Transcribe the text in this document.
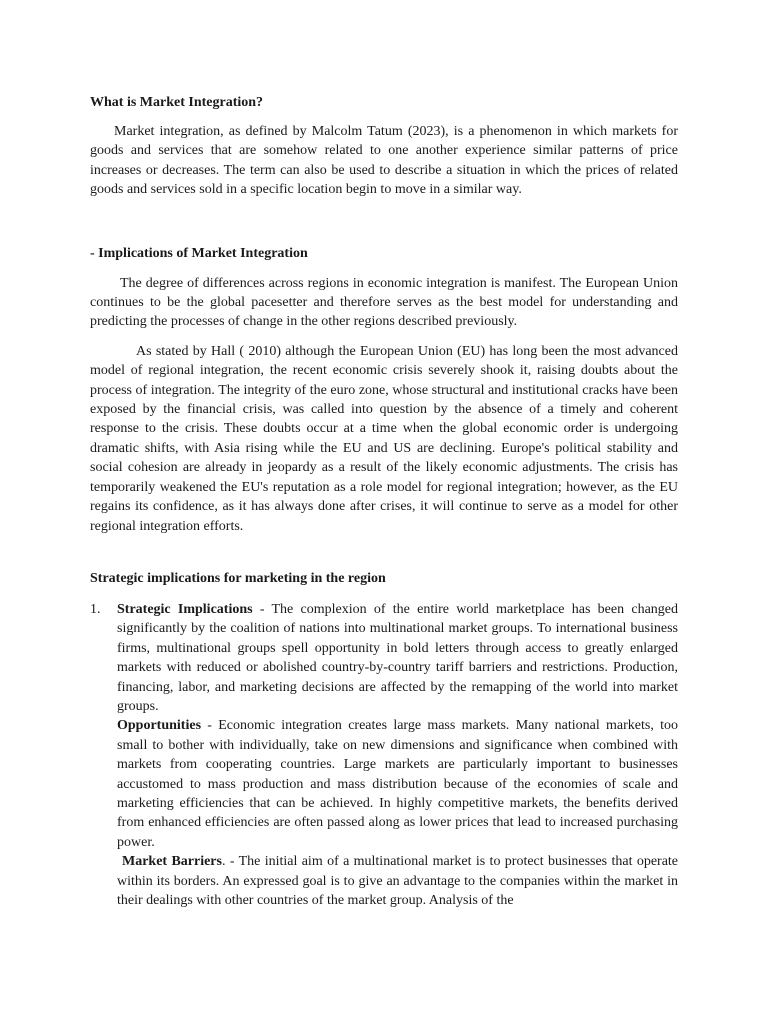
What is Market Integration?

Market integration, as defined by Malcolm Tatum (2023), is a phenomenon in which markets for goods and services that are somehow related to one another experience similar patterns of price increases or decreases. The term can also be used to describe a situation in which the prices of related goods and services sold in a specific location begin to move in a similar way.

- Implications of Market Integration

The degree of differences across regions in economic integration is manifest. The European Union continues to be the global pacesetter and therefore serves as the best model for understanding and predicting the processes of change in the other regions described previously.

As stated by Hall ( 2010) although the European Union (EU) has long been the most advanced model of regional integration, the recent economic crisis severely shook it, raising doubts about the process of integration. The integrity of the euro zone, whose structural and institutional cracks have been exposed by the financial crisis, was called into question by the absence of a timely and coherent response to the crisis. These doubts occur at a time when the global economic order is undergoing dramatic shifts, with Asia rising while the EU and US are declining. Europe's political stability and social cohesion are already in jeopardy as a result of the likely economic adjustments. The crisis has temporarily weakened the EU's reputation as a role model for regional integration; however, as the EU regains its confidence, as it has always done after crises, it will continue to serve as a model for other regional integration efforts.

Strategic implications for marketing in the region
1.	Strategic Implications - The complexion of the entire world marketplace has been changed significantly by the coalition of nations into multinational market groups. To international business firms, multinational groups spell opportunity in bold letters through access to greatly enlarged markets with reduced or abolished country-by-country tariff barriers and restrictions. Production, financing, labor, and marketing decisions are affected by the remapping of the world into market groups.

Opportunities - Economic integration creates large mass markets. Many national markets, too small to bother with individually, take on new dimensions and significance when combined with markets from cooperating countries. Large markets are particularly important to businesses accustomed to mass production and mass distribution because of the economies of scale and marketing efficiencies that can be achieved. In highly competitive markets, the benefits derived from enhanced efficiencies are often passed along as lower prices that lead to increased purchasing power.

Market Barriers. - The initial aim of a multinational market is to protect businesses that operate within its borders. An expressed goal is to give an advantage to the companies within the market in their dealings with other countries of the market group. Analysis of the
